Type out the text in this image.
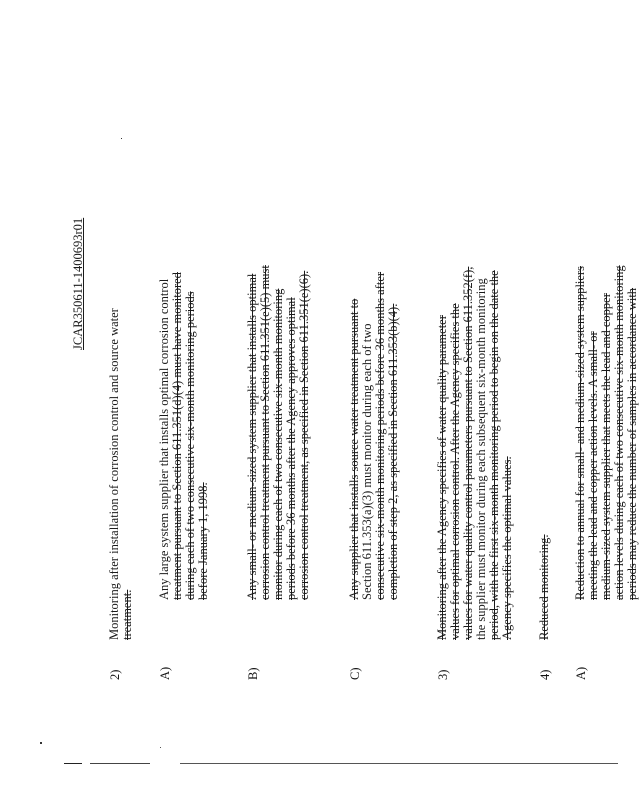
JCAR350611-1400693r01
2)
Monitoring after installation of corrosion control and source water treatment.
A)
Any large system supplier that installs optimal corrosion control treatment pursuant to Section 611.351(d)(4) must have monitored during each of two consecutive six-month monitoring periods before January 1, 1998.
B)
Any small- or medium-sized system supplier that installs optimal corrosion control treatment pursuant to Section 611.351(e)(5) must monitor during each of two consecutive six-month monitoring periods before 36 months after the Agency approves optimal corrosion control treatment, as specified in Section 611.351(e)(6).
C)
Any supplier that installs source water treatment pursuant to Section 611.353(a)(3) must monitor during each of two consecutive six-month monitoring periods before 36 months after completion of step 2, as specified in Section 611.353(b)(4).
3)
Monitoring after the Agency specifies of water quality parameter values for optimal corrosion control. After the Agency specifies the values for water quality control parameters pursuant to Section 611.352(f), the supplier must monitor during each subsequent six-month monitoring period, with the first six-month monitoring period to begin on the date the Agency specifies the optimal values.
4)
Reduced monitoring.
A)
Reduction to annual for small- and medium-sized system suppliers meeting the lead and copper action levels. A small- or medium-sized system supplier that meets the lead and copper action levels during each of two consecutive six-month monitoring periods may reduce the number of samples in accordance with
